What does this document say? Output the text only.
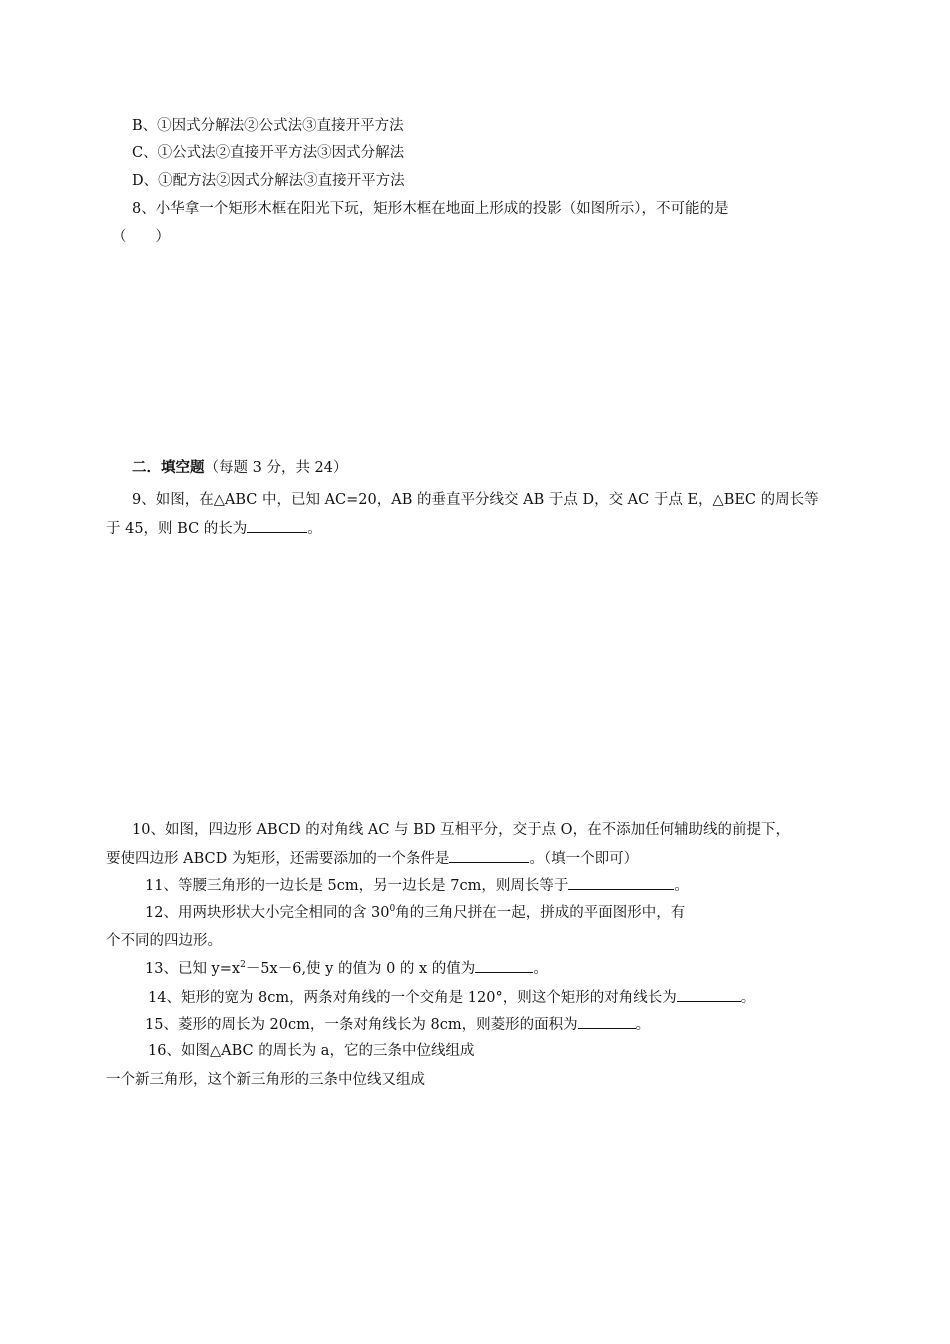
B、①因式分解法②公式法③直接开平方法
C、①公式法②直接开平方法③因式分解法
D、①配方法②因式分解法③直接开平方法
8、小华拿一个矩形木框在阳光下玩，矩形木框在地面上形成的投影（如图所示），不可能的是
（　　）
二．填空题（每题 3 分，共 24）
9、如图，在△ABC 中，已知 AC=20，AB 的垂直平分线交 AB 于点 D，交 AC 于点 E，△BEC 的周长等
于 45，则 BC 的长为	。
10、如图，四边形 ABCD 的对角线 AC 与 BD 互相平分，交于点 O，在不添加任何辅助线的前提下，
要使四边形 ABCD 为矩形，还需要添加的一个条件是	。（填一个即可）
11、等腰三角形的一边长是 5cm，另一边长是 7cm，则周长等于	。
12、用两块形状大小完全相同的含 $30^0$角的三角尺拼在一起，拼成的平面图形中，有
个不同的四边形。
13、已知 $y=x^2-5x-6$,使 y 的值为 0 的 x 的值为	。
14、矩形的宽为 8cm，两条对角线的一个交角是 120°，则这个矩形的对角线长为	。
15、菱形的周长为 20cm，一条对角线长为 8cm，则菱形的面积为	。
16、如图△ABC 的周长为 a，它的三条中位线组成
一个新三角形，这个新三角形的三条中位线又组成
